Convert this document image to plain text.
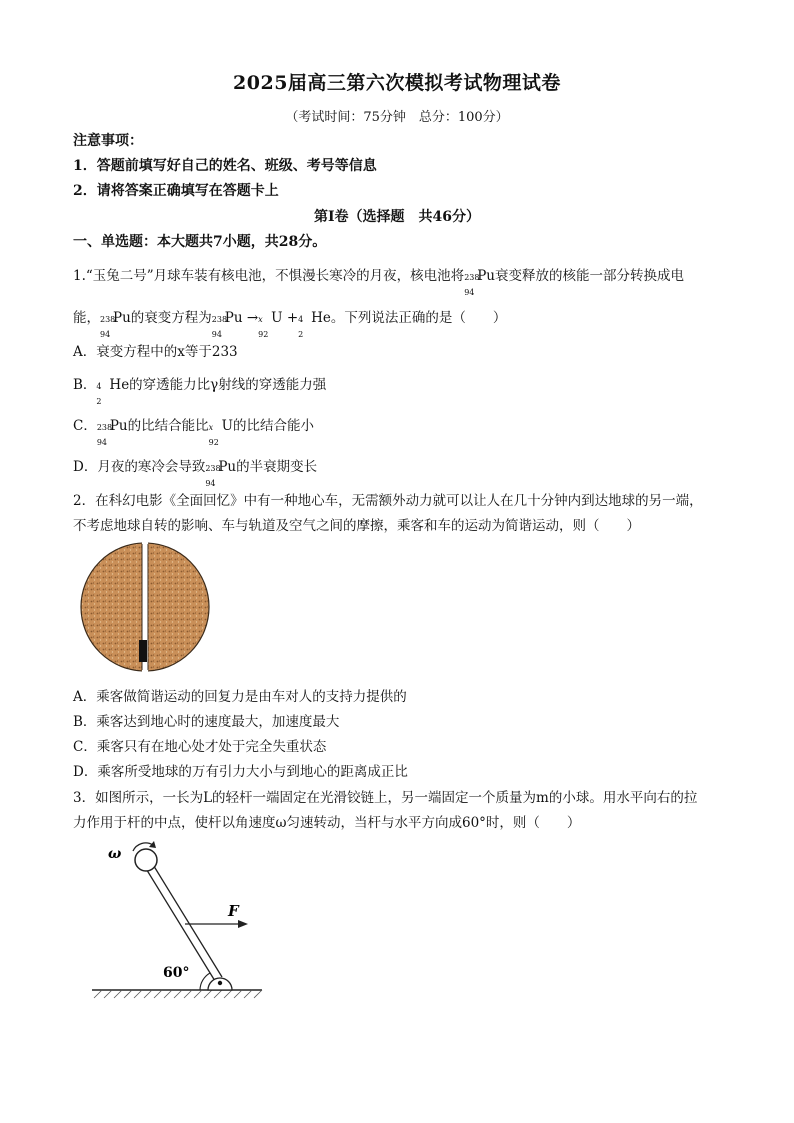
2025届高三第六次模拟考试物理试卷
（考试时间：75分钟　总分：100分）
注意事项：
1．答题前填写好自己的姓名、班级、考号等信息
2．请将答案正确填写在答题卡上
第Ⅰ卷（选择题　共46分）
一、单选题：本大题共7小题，共28分。
1.“玉兔二号”月球车装有核电池，不惧漫长寒冷的月夜，核电池将 238
94
Pu衰变释放的核能一部分转换成电
能， 238
94
Pu的衰变方程为 238
94
Pu → x
92
U + 4
2
He。下列说法正确的是（　　）
A．衰变方程中的x等于233
B． 4
2
He的穿透能力比γ射线的穿透能力强
C． 238
94
Pu的比结合能比 x
92
U的比结合能小
D．月夜的寒冷会导致 238
94
Pu的半衰期变长
2．在科幻电影《全面回忆》中有一种地心车，无需额外动力就可以让人在几十分钟内到达地球的另一端，
不考虑地球自转的影响、车与轨道及空气之间的摩擦，乘客和车的运动为简谐运动，则（　　）
A．乘客做简谐运动的回复力是由车对人的支持力提供的
B．乘客达到地心时的速度最大，加速度最大
C．乘客只有在地心处才处于完全失重状态
D．乘客所受地球的万有引力大小与到地心的距离成正比
3．如图所示，一长为L的轻杆一端固定在光滑铰链上，另一端固定一个质量为m的小球。用水平向右的拉
力作用于杆的中点，使杆以角速度ω匀速转动，当杆与水平方向成60°时，则（　　）
ω
F
60°
